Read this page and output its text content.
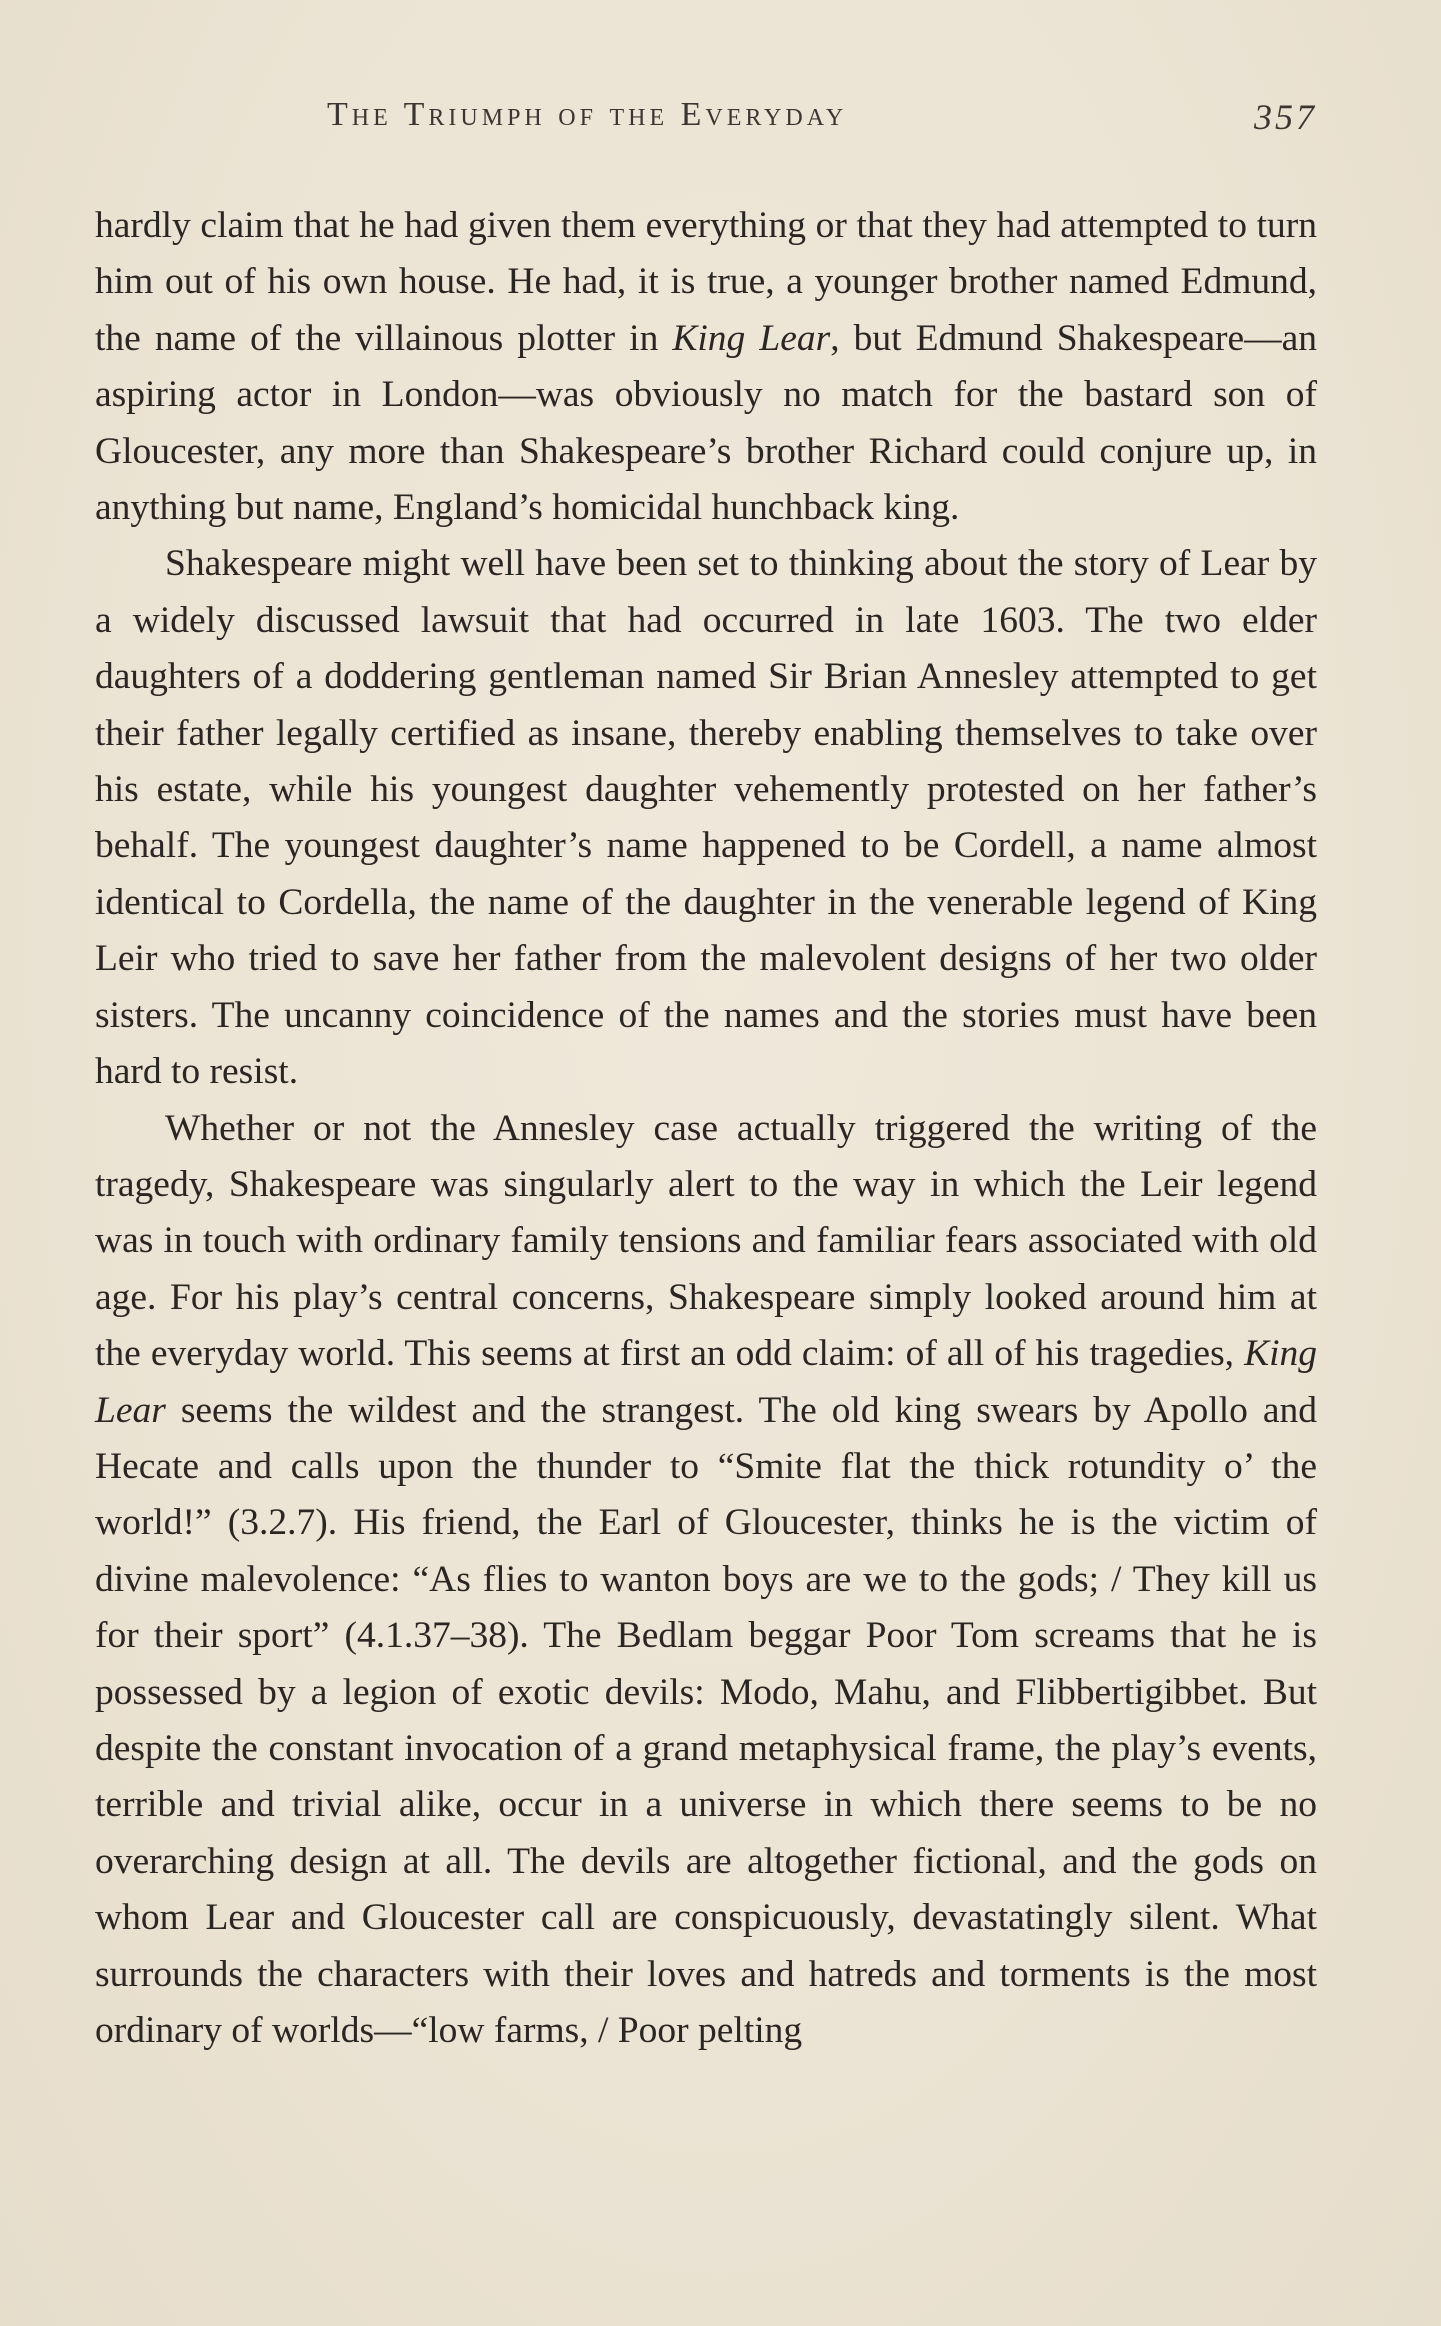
The Triumph of the Everyday	357

hardly claim that he had given them everything or that they had attempted to turn him out of his own house. He had, it is true, a younger brother named Edmund, the name of the villainous plotter in King Lear, but Edmund Shakespeare—an aspiring actor in London—was obviously no match for the bastard son of Gloucester, any more than Shakespeare’s brother Richard could conjure up, in anything but name, England’s homicidal hunchback king.

Shakespeare might well have been set to thinking about the story of Lear by a widely discussed lawsuit that had occurred in late 1603. The two elder daughters of a doddering gentleman named Sir Brian Annesley attempted to get their father legally certified as insane, thereby enabling themselves to take over his estate, while his youngest daughter vehemently protested on her father’s behalf. The youngest daughter’s name happened to be Cordell, a name almost identical to Cordella, the name of the daughter in the venerable legend of King Leir who tried to save her father from the malevolent designs of her two older sisters. The uncanny coincidence of the names and the stories must have been hard to resist.

Whether or not the Annesley case actually triggered the writing of the tragedy, Shakespeare was singularly alert to the way in which the Leir legend was in touch with ordinary family tensions and familiar fears associated with old age. For his play’s central concerns, Shakespeare simply looked around him at the everyday world. This seems at first an odd claim: of all of his tragedies, King Lear seems the wildest and the strangest. The old king swears by Apollo and Hecate and calls upon the thunder to “Smite flat the thick rotundity o’ the world!” (3.2.7). His friend, the Earl of Gloucester, thinks he is the victim of divine malevolence: “As flies to wanton boys are we to the gods; / They kill us for their sport” (4.1.37–38). The Bedlam beggar Poor Tom screams that he is possessed by a legion of exotic devils: Modo, Mahu, and Flibbertigibbet. But despite the constant invocation of a grand metaphysical frame, the play’s events, terrible and trivial alike, occur in a universe in which there seems to be no overarching design at all. The devils are altogether fictional, and the gods on whom Lear and Gloucester call are conspicuously, devastatingly silent. What surrounds the characters with their loves and hatreds and torments is the most ordinary of worlds—“low farms, / Poor pelting
